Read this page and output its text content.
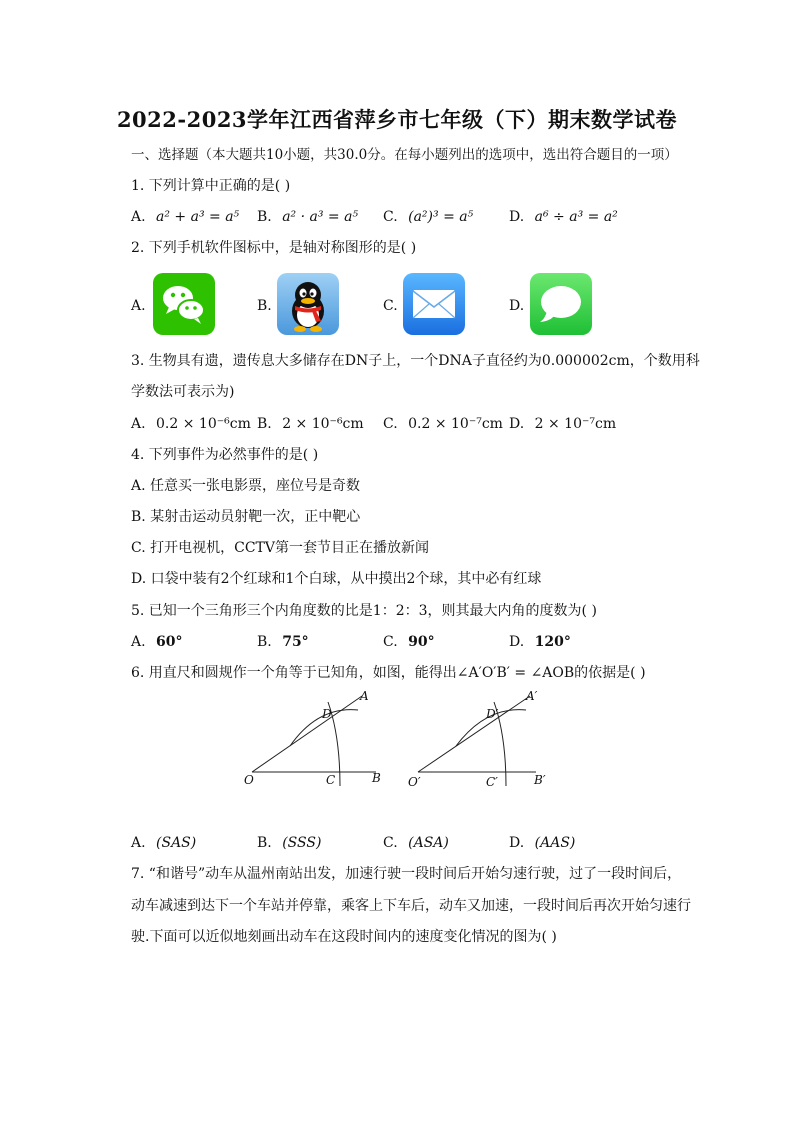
2022-2023学年江西省萍乡市七年级（下）期末数学试卷
一、选择题（本大题共10小题，共30.0分。在每小题列出的选项中，选出符合题目的一项）
1. 下列计算中正确的是( )
A. a² + a³ = a⁵ B. a² · a³ = a⁵ C. (a²)³ = a⁵	D. a⁶ ÷ a³ = a²
2. 下列手机软件图标中，是轴对称图形的是( )
A.	B.	C.	D.
3. 生物具有遗，遗传息大多储存在DN子上，一个DNA子直径约为0.000002cm，个数用科
学数法可表示为)
A. 0.2 × 10⁻⁶cm B. 2 × 10⁻⁶cm C. 0.2 × 10⁻⁷cm D. 2 × 10⁻⁷cm
4. 下列事件为必然事件的是( )
A. 任意买一张电影票，座位号是奇数
B. 某射击运动员射靶一次，正中靶心
C. 打开电视机，CCTV第一套节目正在播放新闻
D. 口袋中装有2个红球和1个白球，从中摸出2个球，其中必有红球
5. 已知一个三角形三个内角度数的比是1：2：3，则其最大内角的度数为( )
A. 60°	B. 75°	C. 90°	D. 120°
6. 用直尺和圆规作一个角等于已知角，如图，能得出∠A′O′B′ = ∠AOB的依据是( )
O	C	B
D
A
O′	C′	B′
D′
A′
A. (SAS)	B. (SSS)	C. (ASA)	D. (AAS)
7. “和谐号”动车从温州南站出发，加速行驶一段时间后开始匀速行驶，过了一段时间后，
动车减速到达下一个车站并停靠，乘客上下车后，动车又加速，一段时间后再次开始匀速行
驶.下面可以近似地刻画出动车在这段时间内的速度变化情况的图为( )
